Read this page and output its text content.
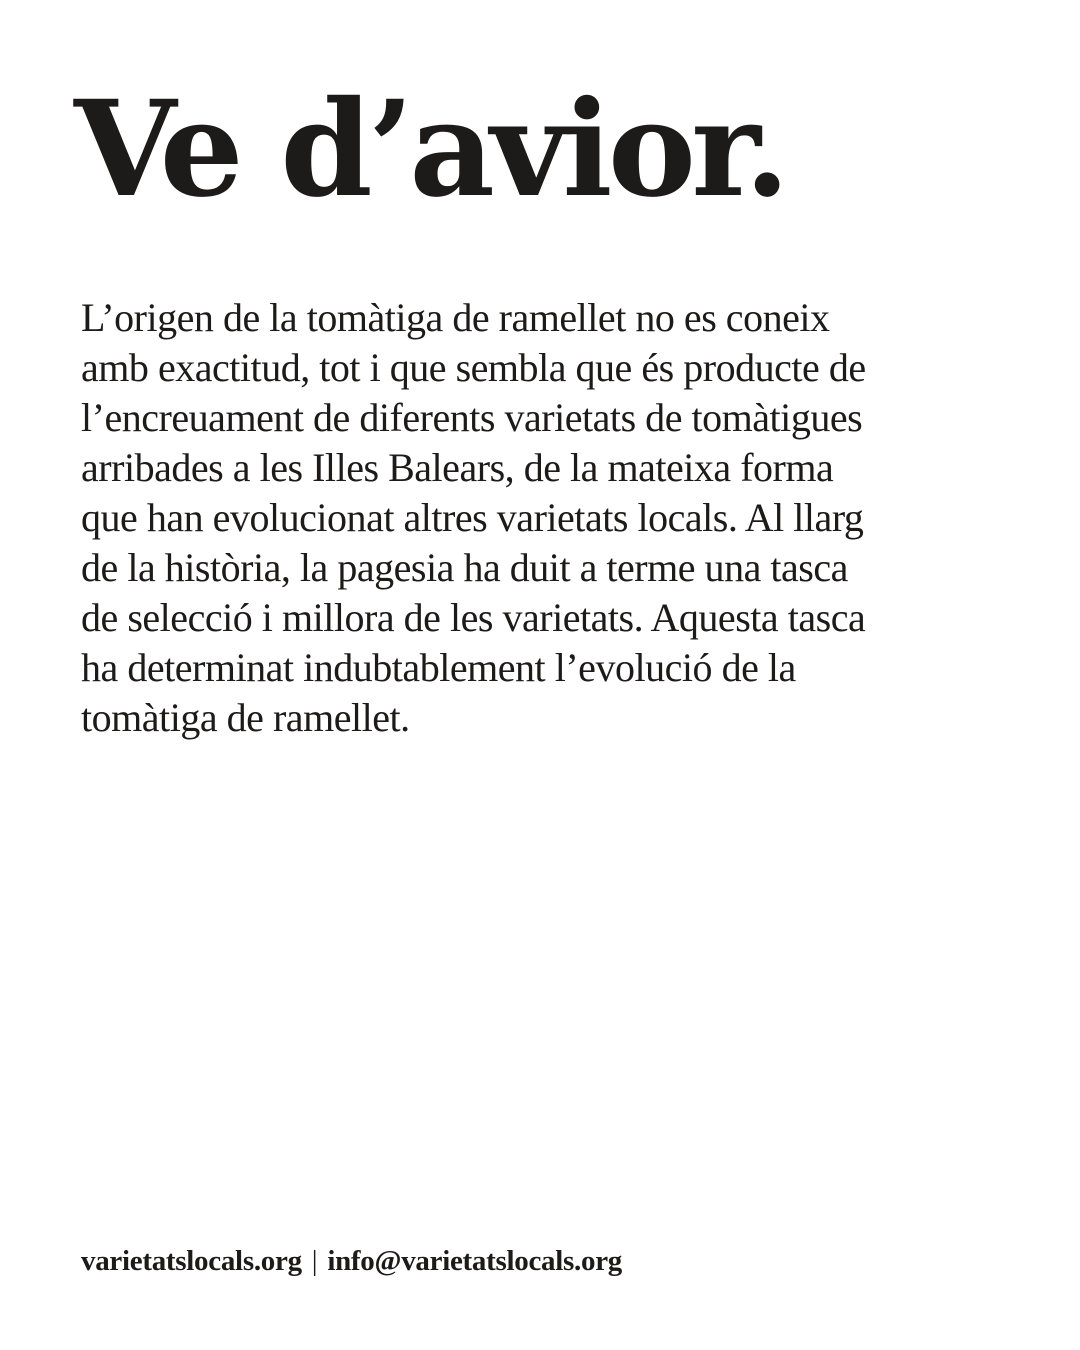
Ve d’avior.
L’origen de la tomàtiga de ramellet no es coneix
amb exactitud, tot i que sembla que és producte de
l’encreuament de diferents varietats de tomàtigues
arribades a les Illes Balears, de la mateixa forma
que han evolucionat altres varietats locals. Al llarg
de la història, la pagesia ha duit a terme una tasca
de selecció i millora de les varietats. Aquesta tasca
ha determinat indubtablement l’evolució de la
tomàtiga de ramellet.
varietatslocals.org | info@varietatslocals.org
